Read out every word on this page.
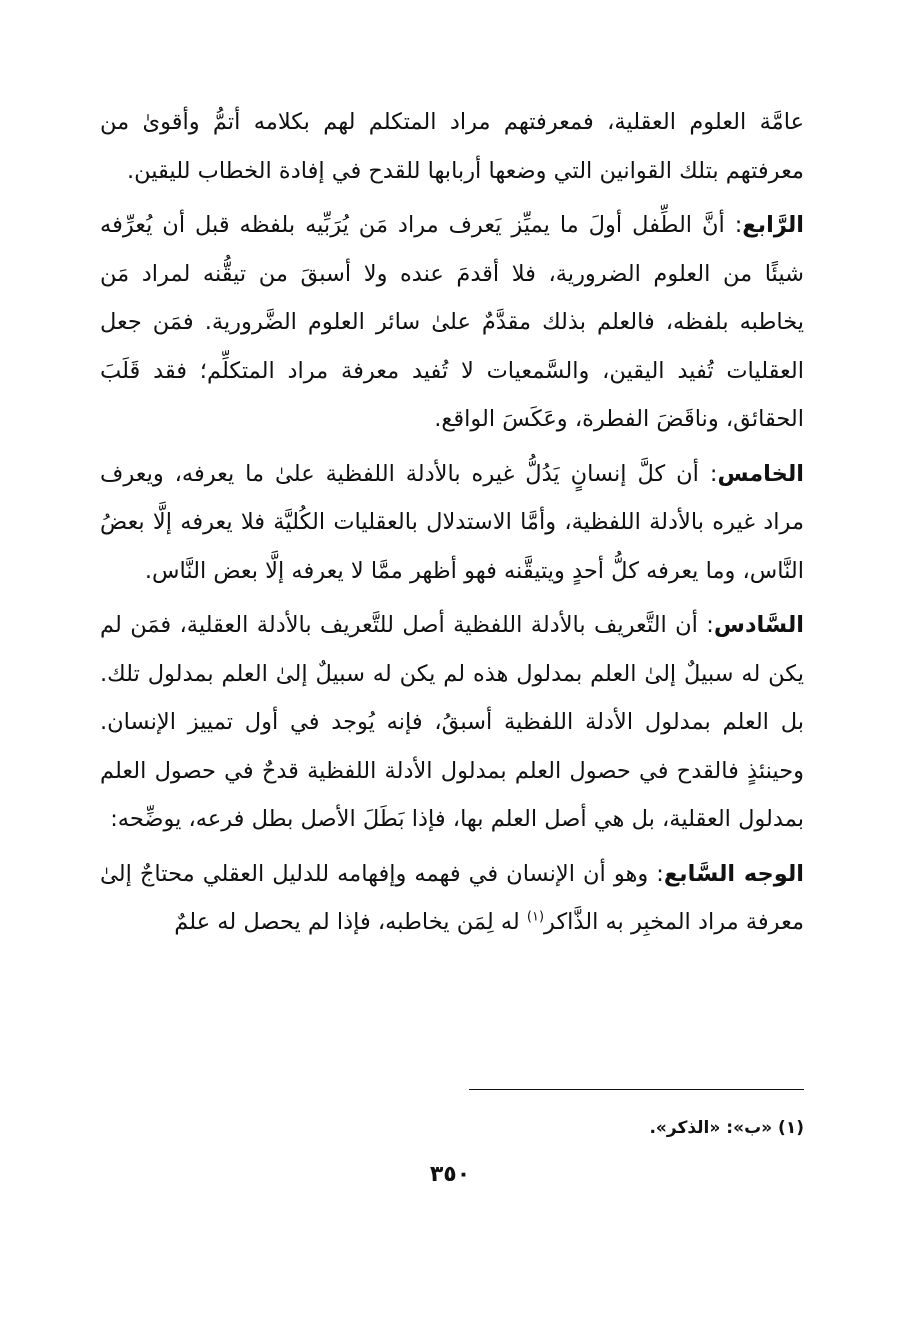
عامَّة العلوم العقلية، فمعرفتهم مراد المتكلم لهم بكلامه أتمُّ وأقوىٰ من معرفتهم بتلك القوانين التي وضعها أربابها للقدح في إفادة الخطاب لليقين.

الرَّابع: أنَّ الطِّفل أولَ ما يميِّز يَعرف مراد مَن يُرَبِّيه بلفظه قبل أن يُعرِّفه شيئًا من العلوم الضرورية، فلا أقدمَ عنده ولا أسبقَ من تيقُّنه لمراد مَن يخاطبه بلفظه، فالعلم بذلك مقدَّمٌ علىٰ سائر العلوم الضَّرورية. فمَن جعل العقليات تُفيد اليقين، والسَّمعيات لا تُفيد معرفة مراد المتكلِّم؛ فقد قَلَبَ الحقائق، وناقَضَ الفطرة، وعَكَسَ الواقع.

الخامس: أن كلَّ إنسانٍ يَدُلُّ غيره بالأدلة اللفظية علىٰ ما يعرفه، ويعرف مراد غيره بالأدلة اللفظية، وأمَّا الاستدلال بالعقليات الكُليَّة فلا يعرفه إلَّا بعضُ النَّاس، وما يعرفه كلُّ أحدٍ ويتيقَّنه فهو أظهر ممَّا لا يعرفه إلَّا بعض النَّاس.

السَّادس: أن التَّعريف بالأدلة اللفظية أصل للتَّعريف بالأدلة العقلية، فمَن لم يكن له سبيلٌ إلىٰ العلم بمدلول هذه لم يكن له سبيلٌ إلىٰ العلم بمدلول تلك. بل العلم بمدلول الأدلة اللفظية أسبقُ، فإنه يُوجد في أول تمييز الإنسان. وحينئذٍ فالقدح في حصول العلم بمدلول الأدلة اللفظية قدحٌ في حصول العلم بمدلول العقلية، بل هي أصل العلم بها، فإذا بَطَلَ الأصل بطل فرعه، يوضِّحه:

الوجه السَّابع: وهو أن الإنسان في فهمه وإفهامه للدليل العقلي محتاجٌ إلىٰ معرفة مراد المخبِر به الذَّاكر$^{(١)}$ له لِمَن يخاطبه، فإذا لم يحصل له علمٌ

(١) «ب»: «الذكر».
٣٥٠
